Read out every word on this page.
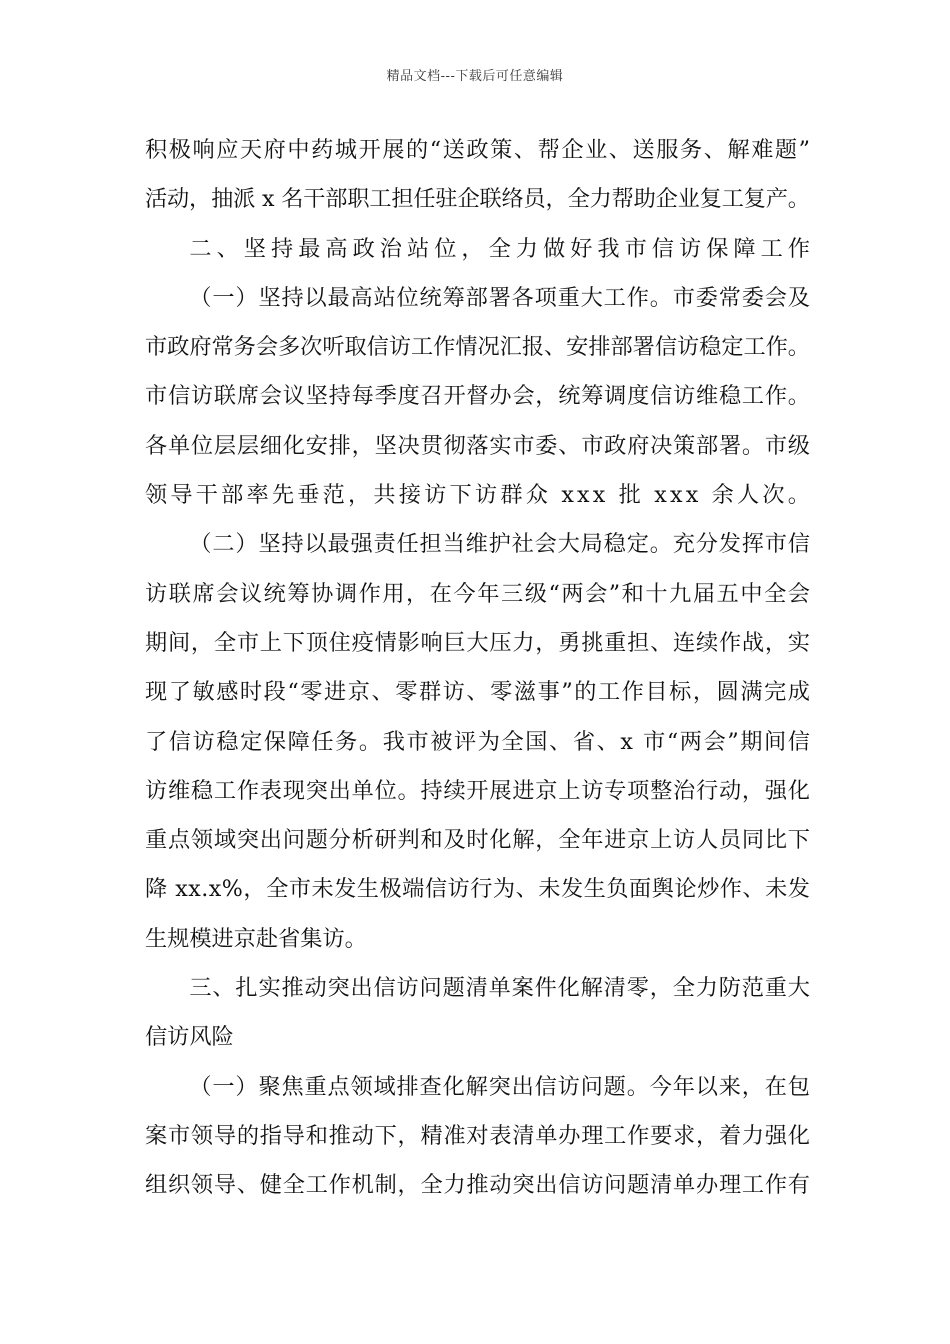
精品文档---下载后可任意编辑
积极响应天府中药城开展的“送政策、帮企业、送服务、解难题”
活动，抽派 x 名干部职工担任驻企联络员，全力帮助企业复工复产。
二、坚持最高政治站位，全力做好我市信访保障工作
（一）坚持以最高站位统筹部署各项重大工作。市委常委会及
市政府常务会多次听取信访工作情况汇报、安排部署信访稳定工作。
市信访联席会议坚持每季度召开督办会，统筹调度信访维稳工作。
各单位层层细化安排，坚决贯彻落实市委、市政府决策部署。市级
领导干部率先垂范，共接访下访群众 xxx 批 xxx 余人次。
（二）坚持以最强责任担当维护社会大局稳定。充分发挥市信
访联席会议统筹协调作用，在今年三级“两会”和十九届五中全会
期间，全市上下顶住疫情影响巨大压力，勇挑重担、连续作战，实
现了敏感时段“零进京、零群访、零滋事”的工作目标，圆满完成
了信访稳定保障任务。我市被评为全国、省、x 市“两会”期间信
访维稳工作表现突出单位。持续开展进京上访专项整治行动，强化
重点领域突出问题分析研判和及时化解，全年进京上访人员同比下
降 xx.x%，全市未发生极端信访行为、未发生负面舆论炒作、未发
生规模进京赴省集访。
三、扎实推动突出信访问题清单案件化解清零，全力防范重大
信访风险
（一）聚焦重点领域排查化解突出信访问题。今年以来，在包
案市领导的指导和推动下，精准对表清单办理工作要求，着力强化
组织领导、健全工作机制，全力推动突出信访问题清单办理工作有
